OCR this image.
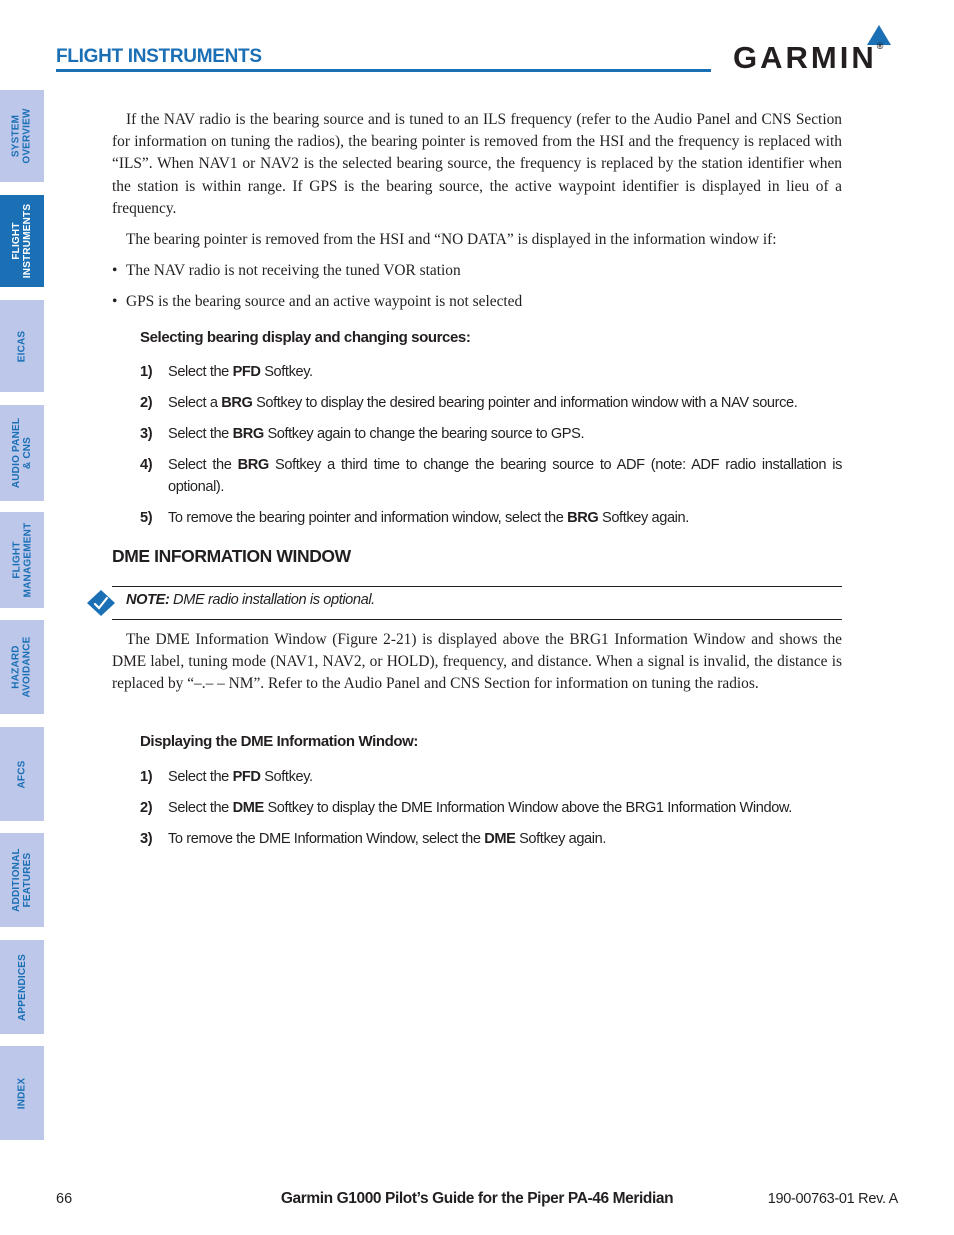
FLIGHT INSTRUMENTS	GARMIN®
SYSTEM
OVERVIEW
FLIGHT
INSTRUMENTS
EICAS
AUDIO PANEL
& CNS
FLIGHT
MANAGEMENT
HAZARD
AVOIDANCE
AFCS
ADDITIONAL
FEATURES
APPENDICES
INDEX

If the NAV radio is the bearing source and is tuned to an ILS frequency (refer to the Audio Panel and CNS Section for information on tuning the radios), the bearing pointer is removed from the HSI and the frequency is replaced with “ILS”. When NAV1 or NAV2 is the selected bearing source, the frequency is replaced by the station identifier when the station is within range. If GPS is the bearing source, the active waypoint identifier is displayed in lieu of a frequency.

The bearing pointer is removed from the HSI and “NO DATA” is displayed in the information window if:

• The NAV radio is not receiving the tuned VOR station
• GPS is the bearing source and an active waypoint is not selected
Selecting bearing display and changing sources:
1) Select the PFD Softkey.
2) Select a BRG Softkey to display the desired bearing pointer and information window with a NAV source.
3) Select the BRG Softkey again to change the bearing source to GPS.
4) Select the BRG Softkey a third time to change the bearing source to ADF (note: ADF radio installation is optional).
5) To remove the bearing pointer and information window, select the BRG Softkey again.
DME INFORMATION WINDOW
NOTE: DME radio installation is optional.

The DME Information Window (Figure 2-21) is displayed above the BRG1 Information Window and shows the DME label, tuning mode (NAV1, NAV2, or HOLD), frequency, and distance. When a signal is invalid, the distance is replaced by “–.– – NM”. Refer to the Audio Panel and CNS Section for information on tuning the radios.

Displaying the DME Information Window:
1) Select the PFD Softkey.
2) Select the DME Softkey to display the DME Information Window above the BRG1 Information Window.
3) To remove the DME Information Window, select the DME Softkey again.
66	Garmin G1000 Pilot’s Guide for the Piper PA-46 Meridian	190-00763-01 Rev. A
